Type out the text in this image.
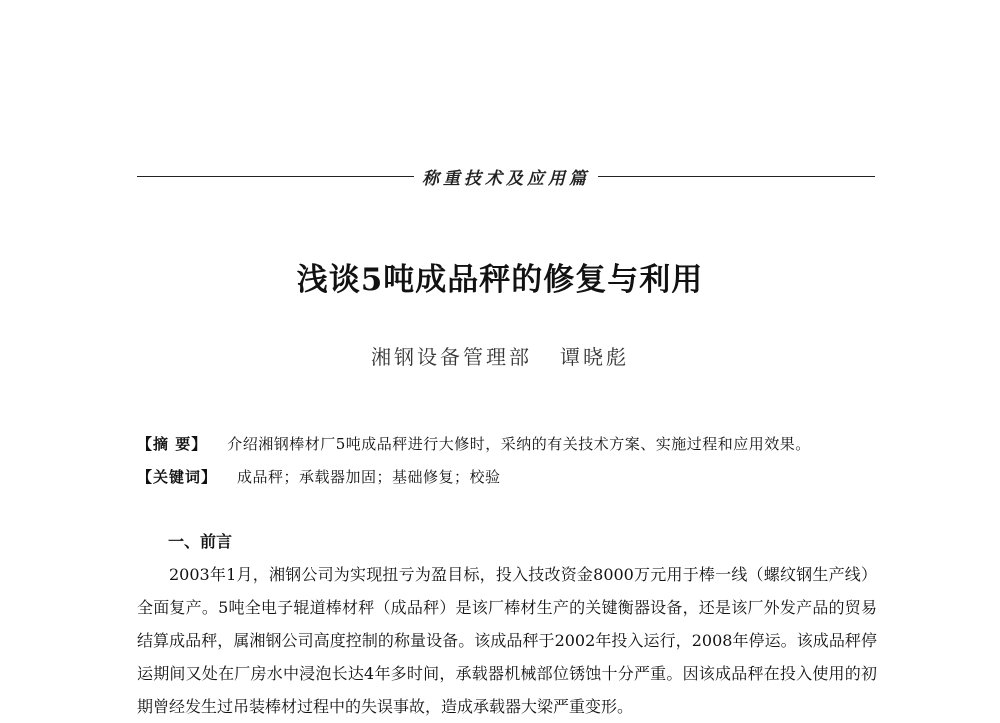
称重技术及应用篇
浅谈5吨成品秤的修复与利用
湘钢设备管理部 谭晓彪
【摘 要】 介绍湘钢棒材厂5吨成品秤进行大修时，采纳的有关技术方案、实施过程和应用效果。
【关键词】 成品秤；承载器加固；基础修复；校验
一、前言

2003年1月，湘钢公司为实现扭亏为盈目标，投入技改资金8000万元用于棒一线（螺纹钢生产线）全面复产。5吨全电子辊道棒材秤（成品秤）是该厂棒材生产的关键衡器设备，还是该厂外发产品的贸易结算成品秤，属湘钢公司高度控制的称量设备。该成品秤于2002年投入运行，2008年停运。该成品秤停运期间又处在厂房水中浸泡长达4年多时间，承载器机械部位锈蚀十分严重。因该成品秤在投入使用的初期曾经发生过吊装棒材过程中的失误事故，造成承载器大梁严重变形。
